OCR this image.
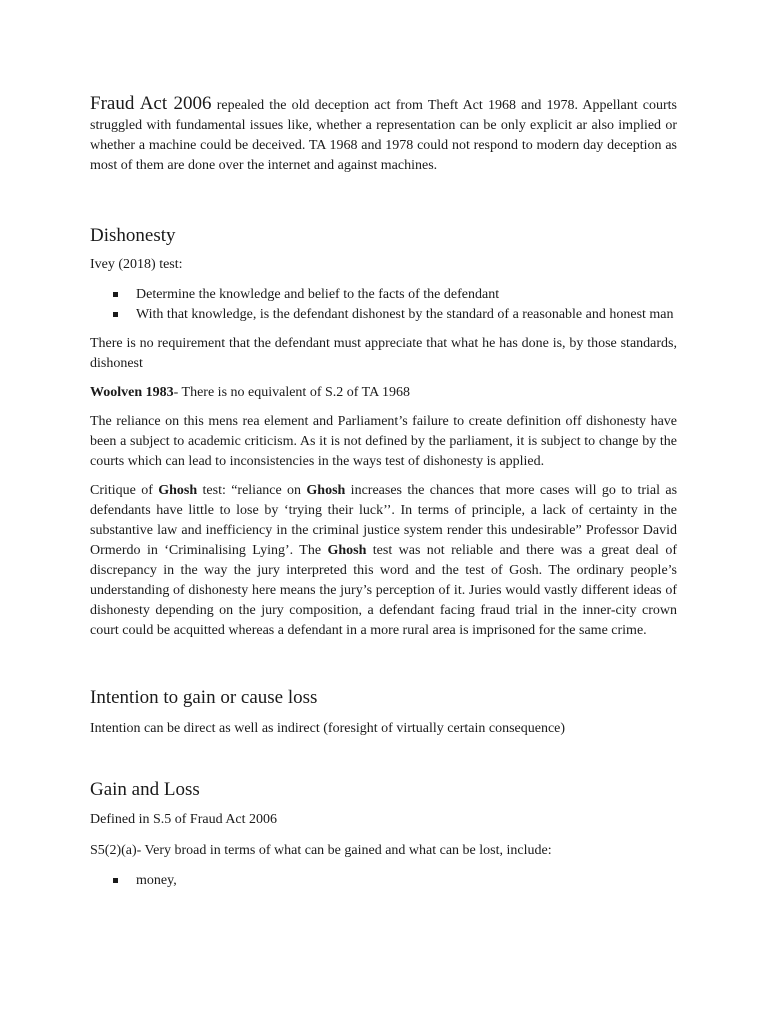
Fraud Act 2006 repealed the old deception act from Theft Act 1968 and 1978. Appellant courts struggled with fundamental issues like, whether a representation can be only explicit ar also implied or whether a machine could be deceived. TA 1968 and 1978 could not respond to modern day deception as most of them are done over the internet and against machines.

Dishonesty

Ivey (2018) test:

Determine the knowledge and belief to the facts of the defendant
With that knowledge, is the defendant dishonest by the standard of a reasonable and honest man

There is no requirement that the defendant must appreciate that what he has done is, by those standards, dishonest

Woolven 1983- There is no equivalent of S.2 of TA 1968

The reliance on this mens rea element and Parliament’s failure to create definition off dishonesty have been a subject to academic criticism. As it is not defined by the parliament, it is subject to change by the courts which can lead to inconsistencies in the ways test of dishonesty is applied.

Critique of Ghosh test: “reliance on Ghosh increases the chances that more cases will go to trial as defendants have little to lose by ‘trying their luck’’. In terms of principle, a lack of certainty in the substantive law and inefficiency in the criminal justice system render this undesirable” Professor David Ormerdo in ‘Criminalising Lying’. The Ghosh test was not reliable and there was a great deal of discrepancy in the way the jury interpreted this word and the test of Gosh. The ordinary people’s understanding of dishonesty here means the jury’s perception of it. Juries would vastly different ideas of dishonesty depending on the jury composition, a defendant facing fraud trial in the inner-city crown court could be acquitted whereas a defendant in a more rural area is imprisoned for the same crime.

Intention to gain or cause loss

Intention can be direct as well as indirect (foresight of virtually certain consequence)

Gain and Loss

Defined in S.5 of Fraud Act 2006

S5(2)(a)- Very broad in terms of what can be gained and what can be lost, include:

money,
